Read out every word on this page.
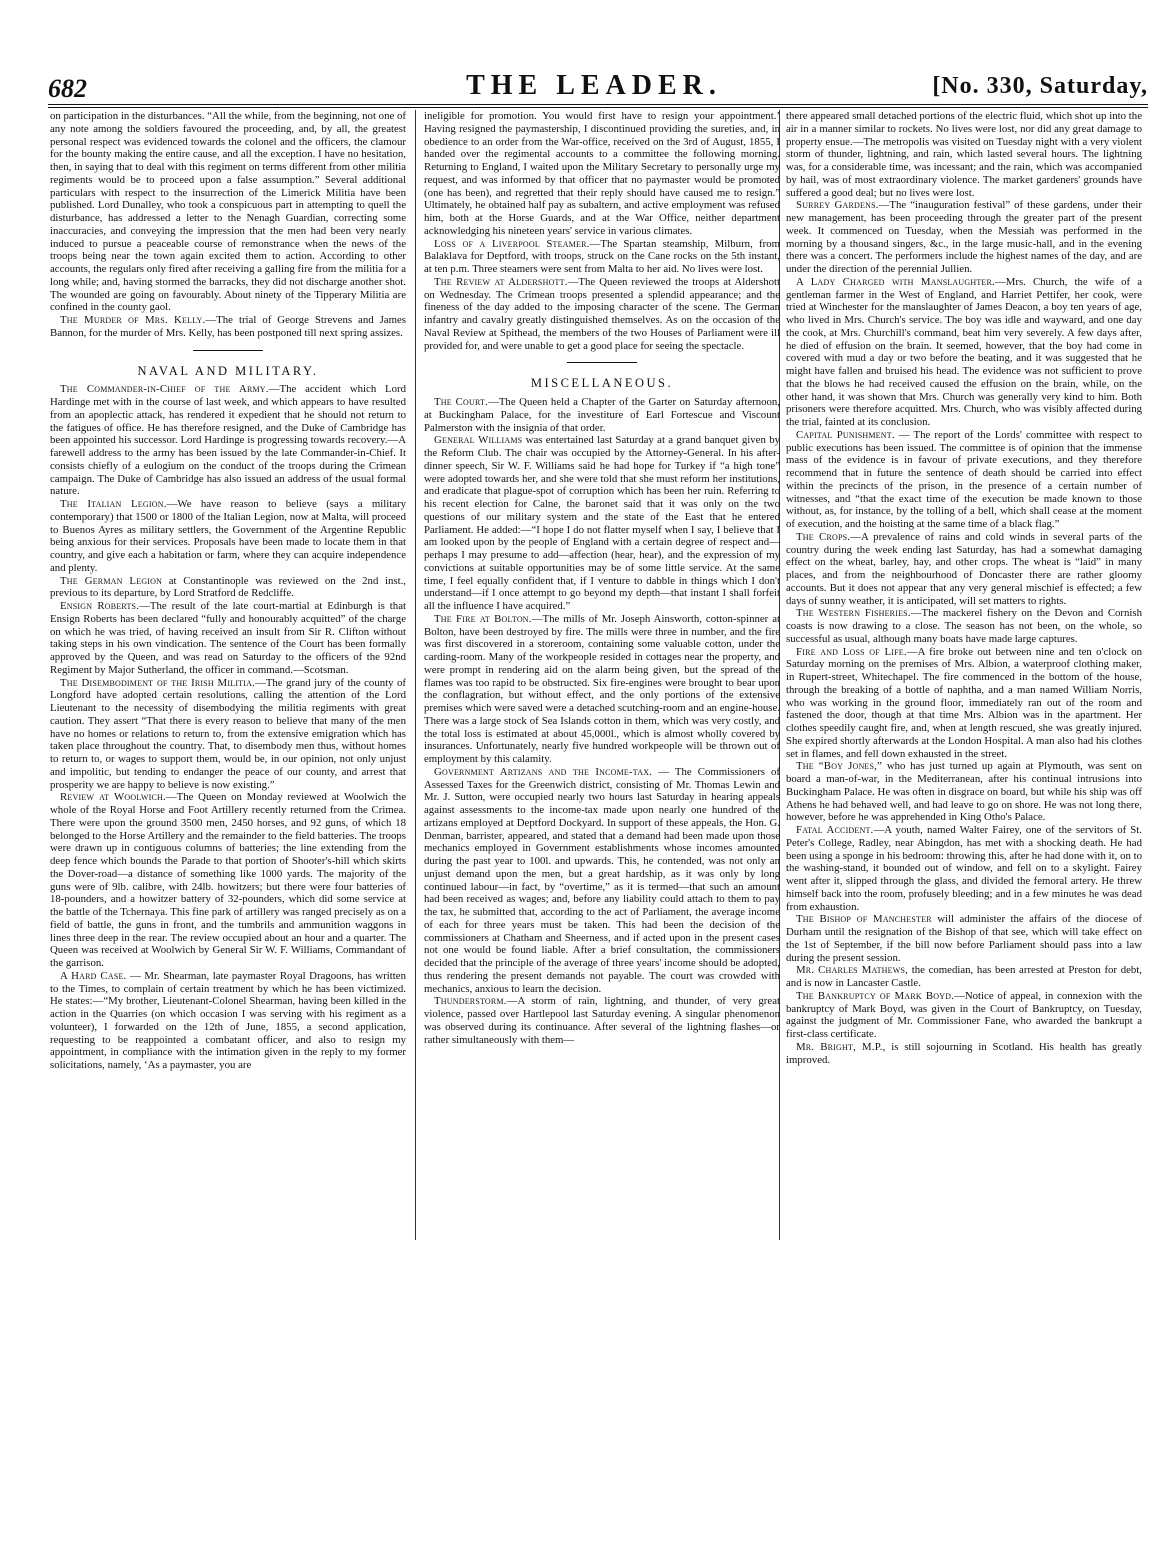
682	THE LEADER.	[No. 330, Saturday,

on participation in the disturbances. “All the while, from the beginning, not one of any note among the soldiers favoured the proceeding, and, by all, the greatest personal respect was evidenced towards the colonel and the officers, the clamour for the bounty making the entire cause, and all the exception. I have no hesitation, then, in saying that to deal with this regiment on terms different from other militia regiments would be to proceed upon a false assumption.” Several additional particulars with respect to the insurrection of the Limerick Militia have been published. Lord Dunalley, who took a conspicuous part in attempting to quell the disturbance, has addressed a letter to the Nenagh Guardian, correcting some inaccuracies, and conveying the impression that the men had been very nearly induced to pursue a peaceable course of remonstrance when the news of the troops being near the town again excited them to action. According to other accounts, the regulars only fired after receiving a galling fire from the militia for a long while; and, having stormed the barracks, they did not discharge another shot. The wounded are going on favourably. About ninety of the Tipperary Militia are confined in the county gaol.

The Murder of Mrs. Kelly.—The trial of George Strevens and James Bannon, for the murder of Mrs. Kelly, has been postponed till next spring assizes.

NAVAL AND MILITARY.

The Commander-in-Chief of the Army.—The accident which Lord Hardinge met with in the course of last week, and which appears to have resulted from an apoplectic attack, has rendered it expedient that he should not return to the fatigues of office. He has therefore resigned, and the Duke of Cambridge has been appointed his successor. Lord Hardinge is progressing towards recovery.—A farewell address to the army has been issued by the late Commander-in-Chief. It consists chiefly of a eulogium on the conduct of the troops during the Crimean campaign. The Duke of Cambridge has also issued an address of the usual formal nature.

The Italian Legion.—We have reason to believe (says a military contemporary) that 1500 or 1800 of the Italian Legion, now at Malta, will proceed to Buenos Ayres as military settlers, the Government of the Argentine Republic being anxious for their services. Proposals have been made to locate them in that country, and give each a habitation or farm, where they can acquire independence and plenty.

The German Legion at Constantinople was reviewed on the 2nd inst., previous to its departure, by Lord Stratford de Redcliffe.

Ensign Roberts.—The result of the late court-martial at Edinburgh is that Ensign Roberts has been declared “fully and honourably acquitted” of the charge on which he was tried, of having received an insult from Sir R. Clifton without taking steps in his own vindication. The sentence of the Court has been formally approved by the Queen, and was read on Saturday to the officers of the 92nd Regiment by Major Sutherland, the officer in command.—Scotsman.

The Disembodiment of the Irish Militia.—The grand jury of the county of Longford have adopted certain resolutions, calling the attention of the Lord Lieutenant to the necessity of disembodying the militia regiments with great caution. They assert “That there is every reason to believe that many of the men have no homes or relations to return to, from the extensive emigration which has taken place throughout the country. That, to disembody men thus, without homes to return to, or wages to support them, would be, in our opinion, not only unjust and impolitic, but tending to endanger the peace of our county, and arrest that prosperity we are happy to believe is now existing.”

Review at Woolwich.—The Queen on Monday reviewed at Woolwich the whole of the Royal Horse and Foot Artillery recently returned from the Crimea. There were upon the ground 3500 men, 2450 horses, and 92 guns, of which 18 belonged to the Horse Artillery and the remainder to the field batteries. The troops were drawn up in contiguous columns of batteries; the line extending from the deep fence which bounds the Parade to that portion of Shooter's-hill which skirts the Dover-road—a distance of something like 1000 yards. The majority of the guns were of 9lb. calibre, with 24lb. howitzers; but there were four batteries of 18-pounders, and a howitzer battery of 32-pounders, which did some service at the battle of the Tchernaya. This fine park of artillery was ranged precisely as on a field of battle, the guns in front, and the tumbrils and ammunition waggons in lines three deep in the rear. The review occupied about an hour and a quarter. The Queen was received at Woolwich by General Sir W. F. Williams, Commandant of the garrison.

A Hard Case. — Mr. Shearman, late paymaster Royal Dragoons, has written to the Times, to complain of certain treatment by which he has been victimized. He states:—“My brother, Lieutenant-Colonel Shearman, having been killed in the action in the Quarries (on which occasion I was serving with his regiment as a volunteer), I forwarded on the 12th of June, 1855, a second application, requesting to be reappointed a combatant officer, and also to resign my appointment, in compliance with the intimation given in the reply to my former solicitations, namely, ‘As a paymaster, you are

ineligible for promotion. You would first have to resign your appointment.’ Having resigned the paymastership, I discontinued providing the sureties, and, in obedience to an order from the War-office, received on the 3rd of August, 1855, I handed over the regimental accounts to a committee the following morning. Returning to England, I waited upon the Military Secretary to personally urge my request, and was informed by that officer that no paymaster would be promoted (one has been), and regretted that their reply should have caused me to resign.” Ultimately, he obtained half pay as subaltern, and active employment was refused him, both at the Horse Guards, and at the War Office, neither department acknowledging his nineteen years' service in various climates.

Loss of a Liverpool Steamer.—The Spartan steamship, Milburn, from Balaklava for Deptford, with troops, struck on the Cane rocks on the 5th instant, at ten p.m. Three steamers were sent from Malta to her aid. No lives were lost.

The Review at Aldershott.—The Queen reviewed the troops at Aldershott on Wednesday. The Crimean troops presented a splendid appearance; and the fineness of the day added to the imposing character of the scene. The German infantry and cavalry greatly distinguished themselves. As on the occasion of the Naval Review at Spithead, the members of the two Houses of Parliament were ill provided for, and were unable to get a good place for seeing the spectacle.

MISCELLANEOUS.

The Court.—The Queen held a Chapter of the Garter on Saturday afternoon, at Buckingham Palace, for the investiture of Earl Fortescue and Viscount Palmerston with the insignia of that order.

General Williams was entertained last Saturday at a grand banquet given by the Reform Club. The chair was occupied by the Attorney-General. In his after-dinner speech, Sir W. F. Williams said he had hope for Turkey if “a high tone” were adopted towards her, and she were told that she must reform her institutions, and eradicate that plague-spot of corruption which has been her ruin. Referring to his recent election for Calne, the baronet said that it was only on the two questions of our military system and the state of the East that he entered Parliament. He added:—“I hope I do not flatter myself when I say, I believe that I am looked upon by the people of England with a certain degree of respect and—perhaps I may presume to add—affection (hear, hear), and the expression of my convictions at suitable opportunities may be of some little service. At the same time, I feel equally confident that, if I venture to dabble in things which I don't understand—if I once attempt to go beyond my depth—that instant I shall forfeit all the influence I have acquired.”

The Fire at Bolton.—The mills of Mr. Joseph Ainsworth, cotton-spinner at Bolton, have been destroyed by fire. The mills were three in number, and the fire was first discovered in a storeroom, containing some valuable cotton, under the carding-room. Many of the workpeople resided in cottages near the property, and were prompt in rendering aid on the alarm being given, but the spread of the flames was too rapid to be obstructed. Six fire-engines were brought to bear upon the conflagration, but without effect, and the only portions of the extensive premises which were saved were a detached scutching-room and an engine-house. There was a large stock of Sea Islands cotton in them, which was very costly, and the total loss is estimated at about 45,000l., which is almost wholly covered by insurances. Unfortunately, nearly five hundred workpeople will be thrown out of employment by this calamity.

Government Artizans and the Income-tax. — The Commissioners of Assessed Taxes for the Greenwich district, consisting of Mr. Thomas Lewin and Mr. J. Sutton, were occupied nearly two hours last Saturday in hearing appeals against assessments to the income-tax made upon nearly one hundred of the artizans employed at Deptford Dockyard. In support of these appeals, the Hon. G. Denman, barrister, appeared, and stated that a demand had been made upon those mechanics employed in Government establishments whose incomes amounted during the past year to 100l. and upwards. This, he contended, was not only an unjust demand upon the men, but a great hardship, as it was only by long continued labour—in fact, by “overtime,” as it is termed—that such an amount had been received as wages; and, before any liability could attach to them to pay the tax, he submitted that, according to the act of Parliament, the average income of each for three years must be taken. This had been the decision of the commissioners at Chatham and Sheerness, and if acted upon in the present cases not one would be found liable. After a brief consultation, the commissioners decided that the principle of the average of three years' income should be adopted, thus rendering the present demands not payable. The court was crowded with mechanics, anxious to learn the decision.

Thunderstorm.—A storm of rain, lightning, and thunder, of very great violence, passed over Hartlepool last Saturday evening. A singular phenomenon was observed during its continuance. After several of the lightning flashes—or rather simultaneously with them—

there appeared small detached portions of the electric fluid, which shot up into the air in a manner similar to rockets. No lives were lost, nor did any great damage to property ensue.—The metropolis was visited on Tuesday night with a very violent storm of thunder, lightning, and rain, which lasted several hours. The lightning was, for a considerable time, was incessant; and the rain, which was accompanied by hail, was of most extraordinary violence. The market gardeners' grounds have suffered a good deal; but no lives were lost.

Surrey Gardens.—The “inauguration festival” of these gardens, under their new management, has been proceeding through the greater part of the present week. It commenced on Tuesday, when the Messiah was performed in the morning by a thousand singers, &c., in the large music-hall, and in the evening there was a concert. The performers include the highest names of the day, and are under the direction of the perennial Jullien.

A Lady Charged with Manslaughter.—Mrs. Church, the wife of a gentleman farmer in the West of England, and Harriet Pettifer, her cook, were tried at Winchester for the manslaughter of James Deacon, a boy ten years of age, who lived in Mrs. Church's service. The boy was idle and wayward, and one day the cook, at Mrs. Churchill's command, beat him very severely. A few days after, he died of effusion on the brain. It seemed, however, that the boy had come in covered with mud a day or two before the beating, and it was suggested that he might have fallen and bruised his head. The evidence was not sufficient to prove that the blows he had received caused the effusion on the brain, while, on the other hand, it was shown that Mrs. Church was generally very kind to him. Both prisoners were therefore acquitted. Mrs. Church, who was visibly affected during the trial, fainted at its conclusion.

Capital Punishment. — The report of the Lords' committee with respect to public executions has been issued. The committee is of opinion that the immense mass of the evidence is in favour of private executions, and they therefore recommend that in future the sentence of death should be carried into effect within the precincts of the prison, in the presence of a certain number of witnesses, and “that the exact time of the execution be made known to those without, as, for instance, by the tolling of a bell, which shall cease at the moment of execution, and the hoisting at the same time of a black flag.”

The Crops.—A prevalence of rains and cold winds in several parts of the country during the week ending last Saturday, has had a somewhat damaging effect on the wheat, barley, hay, and other crops. The wheat is “laid” in many places, and from the neighbourhood of Doncaster there are rather gloomy accounts. But it does not appear that any very general mischief is effected; a few days of sunny weather, it is anticipated, will set matters to rights.

The Western Fisheries.—The mackerel fishery on the Devon and Cornish coasts is now drawing to a close. The season has not been, on the whole, so successful as usual, although many boats have made large captures.

Fire and Loss of Life.—A fire broke out between nine and ten o'clock on Saturday morning on the premises of Mrs. Albion, a waterproof clothing maker, in Rupert-street, Whitechapel. The fire commenced in the bottom of the house, through the breaking of a bottle of naphtha, and a man named William Norris, who was working in the ground floor, immediately ran out of the room and fastened the door, though at that time Mrs. Albion was in the apartment. Her clothes speedily caught fire, and, when at length rescued, she was greatly injured. She expired shortly afterwards at the London Hospital. A man also had his clothes set in flames, and fell down exhausted in the street.

The “Boy Jones,” who has just turned up again at Plymouth, was sent on board a man-of-war, in the Mediterranean, after his continual intrusions into Buckingham Palace. He was often in disgrace on board, but while his ship was off Athens he had behaved well, and had leave to go on shore. He was not long there, however, before he was apprehended in King Otho's Palace.

Fatal Accident.—A youth, named Walter Fairey, one of the servitors of St. Peter's College, Radley, near Abingdon, has met with a shocking death. He had been using a sponge in his bedroom: throwing this, after he had done with it, on to the washing-stand, it bounded out of window, and fell on to a skylight. Fairey went after it, slipped through the glass, and divided the femoral artery. He threw himself back into the room, profusely bleeding; and in a few minutes he was dead from exhaustion.

The Bishop of Manchester will administer the affairs of the diocese of Durham until the resignation of the Bishop of that see, which will take effect on the 1st of September, if the bill now before Parliament should pass into a law during the present session.

Mr. Charles Mathews, the comedian, has been arrested at Preston for debt, and is now in Lancaster Castle.

The Bankruptcy of Mark Boyd.—Notice of appeal, in connexion with the bankruptcy of Mark Boyd, was given in the Court of Bankruptcy, on Tuesday, against the judgment of Mr. Commissioner Fane, who awarded the bankrupt a first-class certificate.

Mr. Bright, M.P., is still sojourning in Scotland. His health has greatly improved.
